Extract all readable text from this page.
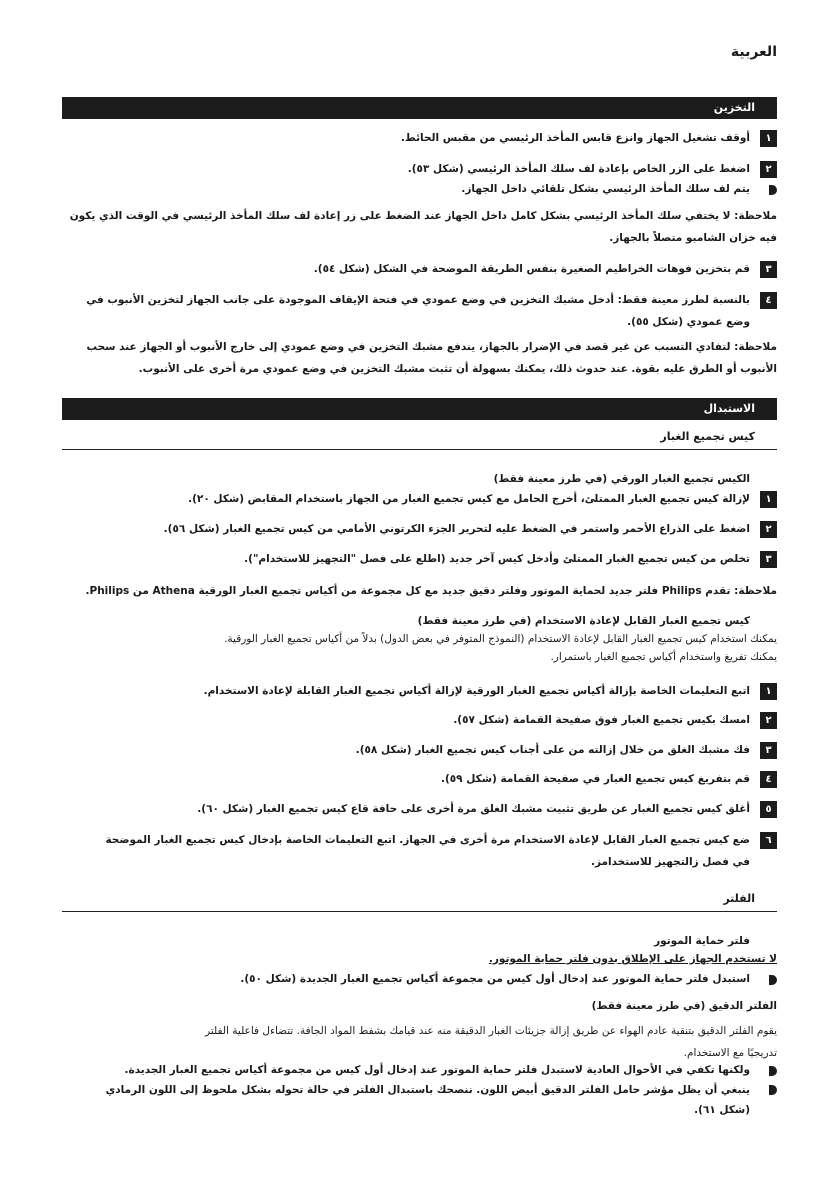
العربية
التخزين
١
أوقف تشغيل الجهاز وانزع قابس المأخذ الرئيسي من مقبس الحائط.
٢
اضغط على الزر الخاص بإعادة لف سلك المأخذ الرئيسي (شكل ٥٣).
يتم لف سلك المأخذ الرئيسي بشكل تلقائي داخل الجهاز.
ملاحظة: لا يختفي سلك المأخذ الرئيسي بشكل كامل داخل الجهاز عند الضغط على زر إعادة لف سلك المأخذ الرئيسي في الوقت الذي يكون
فيه خزان الشامبو متصلاً بالجهاز.
٣
قم بتخزين فوهات الخراطيم الصغيرة بنفس الطريقة الموضحة في الشكل (شكل ٥٤).
٤
بالنسبة لطرز معينة فقط: أدخل مشبك التخزين في وضع عمودي في فتحة الإيقاف الموجودة على جانب الجهاز لتخزين الأنبوب في
وضع عمودي (شكل ٥٥).
ملاحظة: لتفادي التسبب عن غير قصد في الإضرار بالجهاز، يندفع مشبك التخزين في وضع عمودي إلى خارج الأنبوب أو الجهاز عند سحب
الأنبوب أو الطرق عليه بقوة. عند حدوث ذلك، يمكنك بسهولة أن تثبت مشبك التخزين في وضع عمودي مرة أخرى على الأنبوب.
الاستبدال
كيس تجميع الغبار
الكيس تجميع الغبار الورقي (في طرز معينة فقط)
١
لإزالة كيس تجميع الغبار الممتلئ، أخرج الحامل مع كيس تجميع الغبار من الجهاز باستخدام المقابض (شكل ٢٠).
٢
اضغط على الذراع الأحمر واستمر في الضغط عليه لتحرير الجزء الكرتوني الأمامي من كيس تجميع الغبار (شكل ٥٦).
٣
تخلص من كيس تجميع الغبار الممتلئ وأدخل كيس آخر جديد (اطلع على فصل "التجهيز للاستخدام").
ملاحظة: تقدم Philips فلتر جديد لحماية الموتور وفلتر دقيق جديد مع كل مجموعة من أكياس تجميع الغبار الورقية Athena من Philips.
كيس تجميع الغبار القابل لإعادة الاستخدام (في طرز معينة فقط)
يمكنك استخدام كيس تجميع الغبار القابل لإعادة الاستخدام (النموذج المتوفر في بعض الدول) بدلاً من أكياس تجميع الغبار الورقية.
يمكنك تفريغ واستخدام أكياس تجميع الغبار باستمرار.
١
اتبع التعليمات الخاصة بإزالة أكياس تجميع الغبار الورقية لإزالة أكياس تجميع الغبار القابلة لإعادة الاستخدام.
٢
امسك بكيس تجميع الغبار فوق صفيحة القمامة (شكل ٥٧).
٣
فك مشبك الغلق من خلال إزالته من على أجناب كيس تجميع الغبار (شكل ٥٨).
٤
قم بتفريغ كيس تجميع الغبار في صفيحة القمامة (شكل ٥٩).
٥
أغلق كيس تجميع الغبار عن طريق تثبيت مشبك الغلق مرة أخرى على حافة قاع كيس تجميع الغبار (شكل ٦٠).
٦
ضع كيس تجميع الغبار القابل لإعادة الاستخدام مرة أخرى في الجهاز. اتبع التعليمات الخاصة بإدخال كيس تجميع الغبار الموضحة
في فصل زالتجهيز للاستخدامز.
الفلتر
فلتر حماية الموتور
لا تستخدم الجهاز على الإطلاق بدون فلتر حماية الموتور.
استبدل فلتر حماية الموتور عند إدخال أول كيس من مجموعة أكياس تجميع الغبار الجديدة (شكل ٥٠).
الفلتر الدقيق (في طرز معينة فقط)
يقوم الفلتر الدقيق بتنقية عادم الهواء عن طريق إزالة جزيئات الغبار الدقيقة منه عند قيامك بشفط المواد الجافة. تتضاءل فاعلية الفلتر
تدريجيًا مع الاستخدام.
ولكنها تكفي في الأحوال العادية لاستبدل فلتر حماية الموتور عند إدخال أول كيس من مجموعة أكياس تجميع الغبار الجديدة.
ينبغي أن يظل مؤشر حامل الفلتر الدقيق أبيض اللون. ننصحك باستبدال الفلتر في حالة تحوله بشكل ملحوظ إلى اللون الرمادي
(شكل ٦١).
